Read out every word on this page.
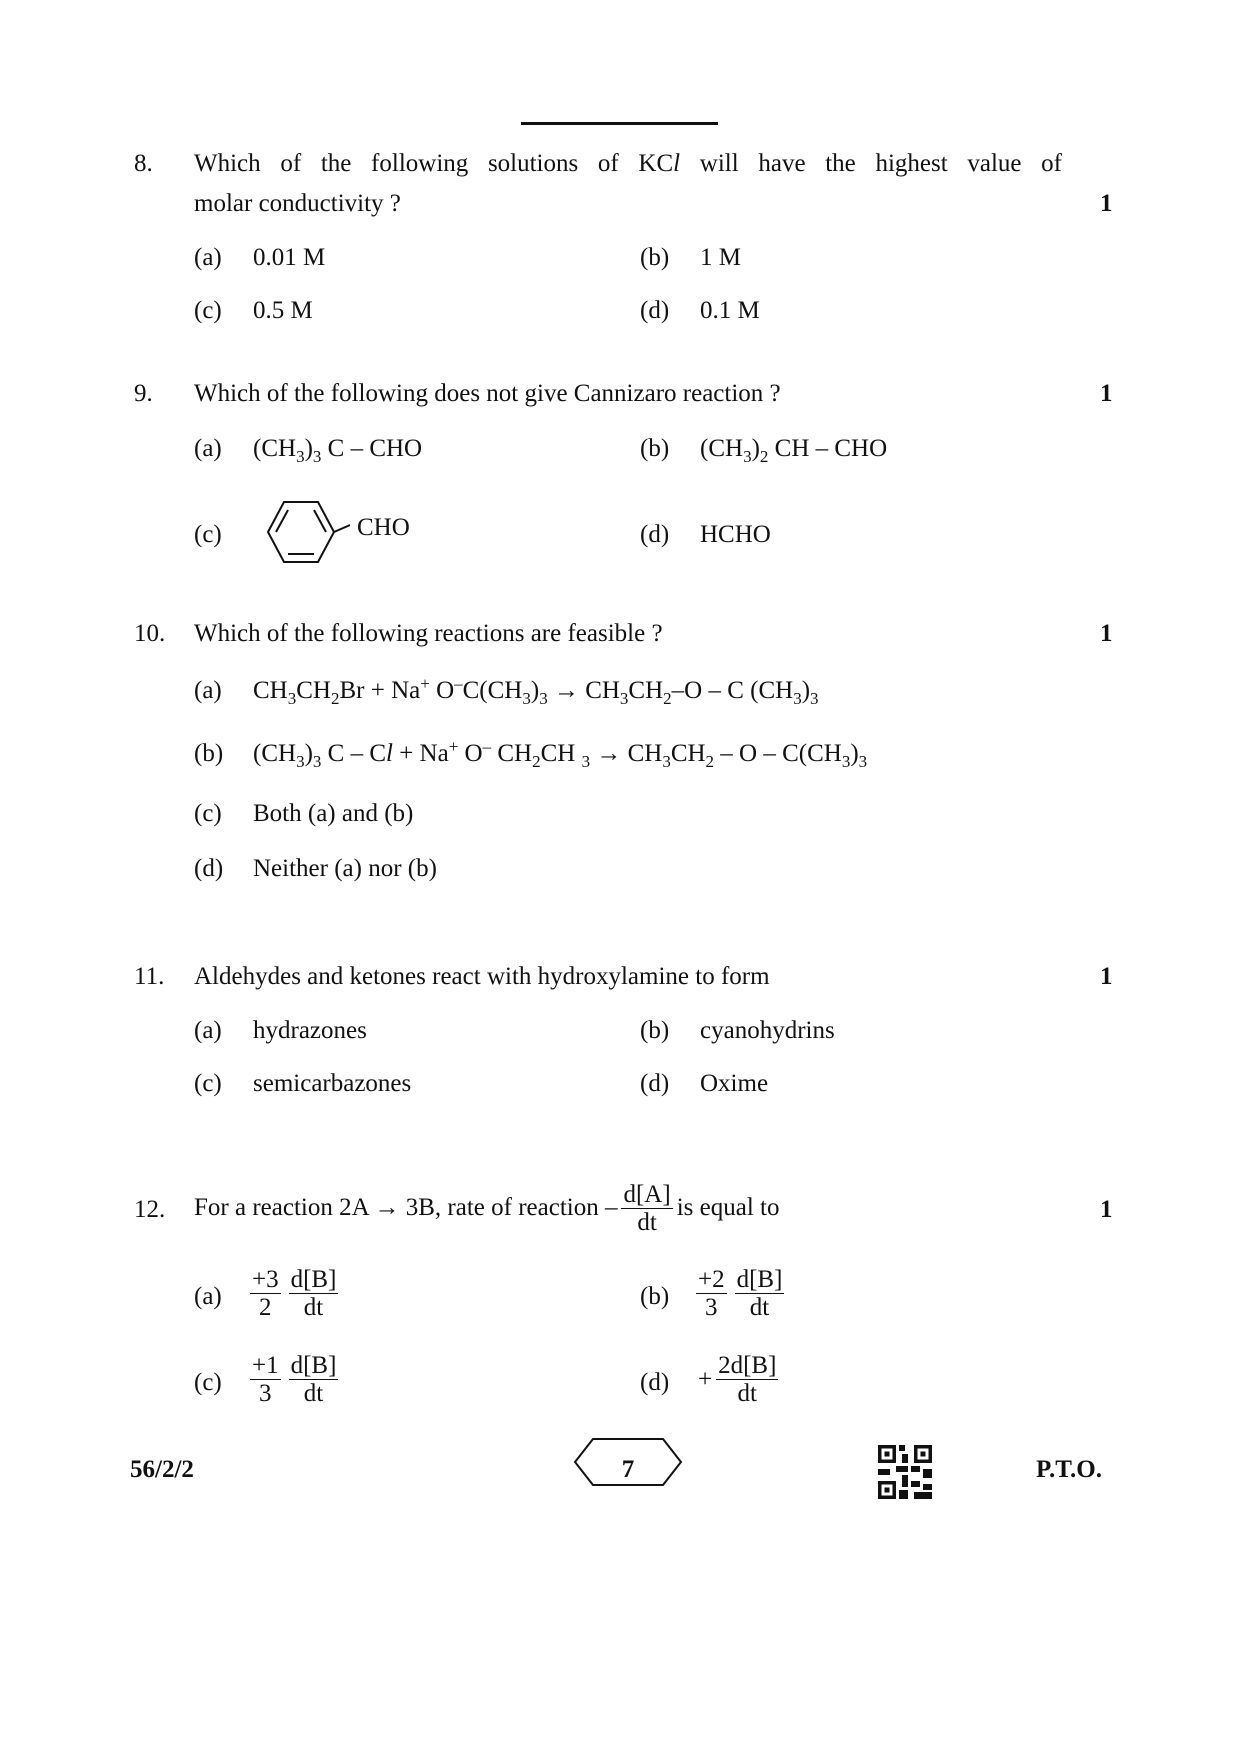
8. Which of the following solutions of KCl will have the highest value of
molar conductivity ?	1
(a) 0.01 M	(b) 1 M
(c) 0.5 M	(d) 0.1 M
9. Which of the following does not give Cannizaro reaction ?	1
(a) $(CH_3)_3$ C – CHO	(b) $(CH_3)_2$ CH – CHO
(c)	CHO	(d) HCHO
10. Which of the following reactions are feasible ?	1
(a) $CH_3CH_2Br + Na^+$ $O^-C(CH_3)_3 \to CH_3CH_2-O - C$ $(CH_3)_3$
(b) $(CH_3)_3$ C – Cl + Na+ O– $CH_2CH$ $_3 \to CH_3CH_2 - O - C(CH_3)_3$
(c) Both (a) and (b)
(d) Neither (a) nor (b)
11. Aldehydes and ketones react with hydroxylamine to form	1
(a) hydrazones	(b) cyanohydrins
(c) semicarbazones	(d) Oxime
12. For a reaction 2A → 3B, rate of reaction – $\frac{d[A]}{dt}$ is equal to	1
$(a) \frac{+3}{2} \frac{d[B]}{dt}$	$(b) \frac{+2}{3} \frac{d[B]}{dt}$
$(c) \frac{+1}{3} \frac{d[B]}{dt}$	$(d) + \frac{2d[B]}{dt}$
56/2/2	7	P.T.O.
